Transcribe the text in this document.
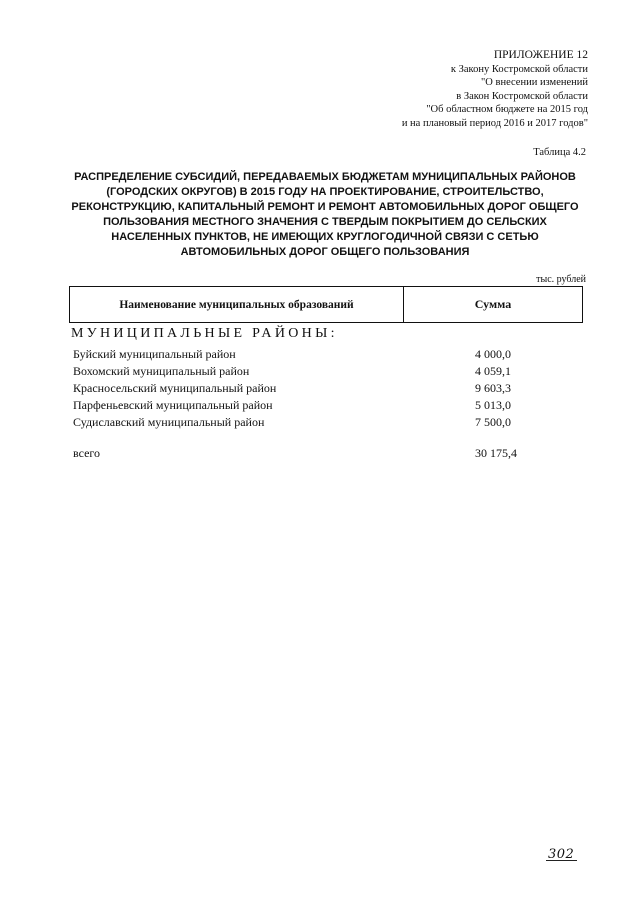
ПРИЛОЖЕНИЕ 12
к Закону Костромской области
"О внесении изменений
в Закон Костромской области
"Об областном бюджете на 2015 год
и на плановый период 2016 и 2017 годов"
Таблица 4.2
РАСПРЕДЕЛЕНИЕ СУБСИДИЙ, ПЕРЕДАВАЕМЫХ БЮДЖЕТАМ МУНИЦИПАЛЬНЫХ РАЙОНОВ
(ГОРОДСКИХ ОКРУГОВ) В 2015 ГОДУ НА ПРОЕКТИРОВАНИЕ, СТРОИТЕЛЬСТВО,
РЕКОНСТРУКЦИЮ, КАПИТАЛЬНЫЙ РЕМОНТ И РЕМОНТ АВТОМОБИЛЬНЫХ ДОРОГ ОБЩЕГО
ПОЛЬЗОВАНИЯ МЕСТНОГО ЗНАЧЕНИЯ С ТВЕРДЫМ ПОКРЫТИЕМ ДО СЕЛЬСКИХ
НАСЕЛЕННЫХ ПУНКТОВ, НЕ ИМЕЮЩИХ КРУГЛОГОДИЧНОЙ СВЯЗИ С СЕТЬЮ
АВТОМОБИЛЬНЫХ ДОРОГ ОБЩЕГО ПОЛЬЗОВАНИЯ
тыс. рублей
Наименование муниципальных образований	Сумма
МУНИЦИПАЛЬНЫЕ РАЙОНЫ:
Буйский муниципальный район	4 000,0
Вохомский муниципальный район	4 059,1
Красносельский муниципальный район	9 603,3
Парфеньевский муниципальный район	5 013,0
Судиславский муниципальный район	7 500,0
всего	30 175,4
302
